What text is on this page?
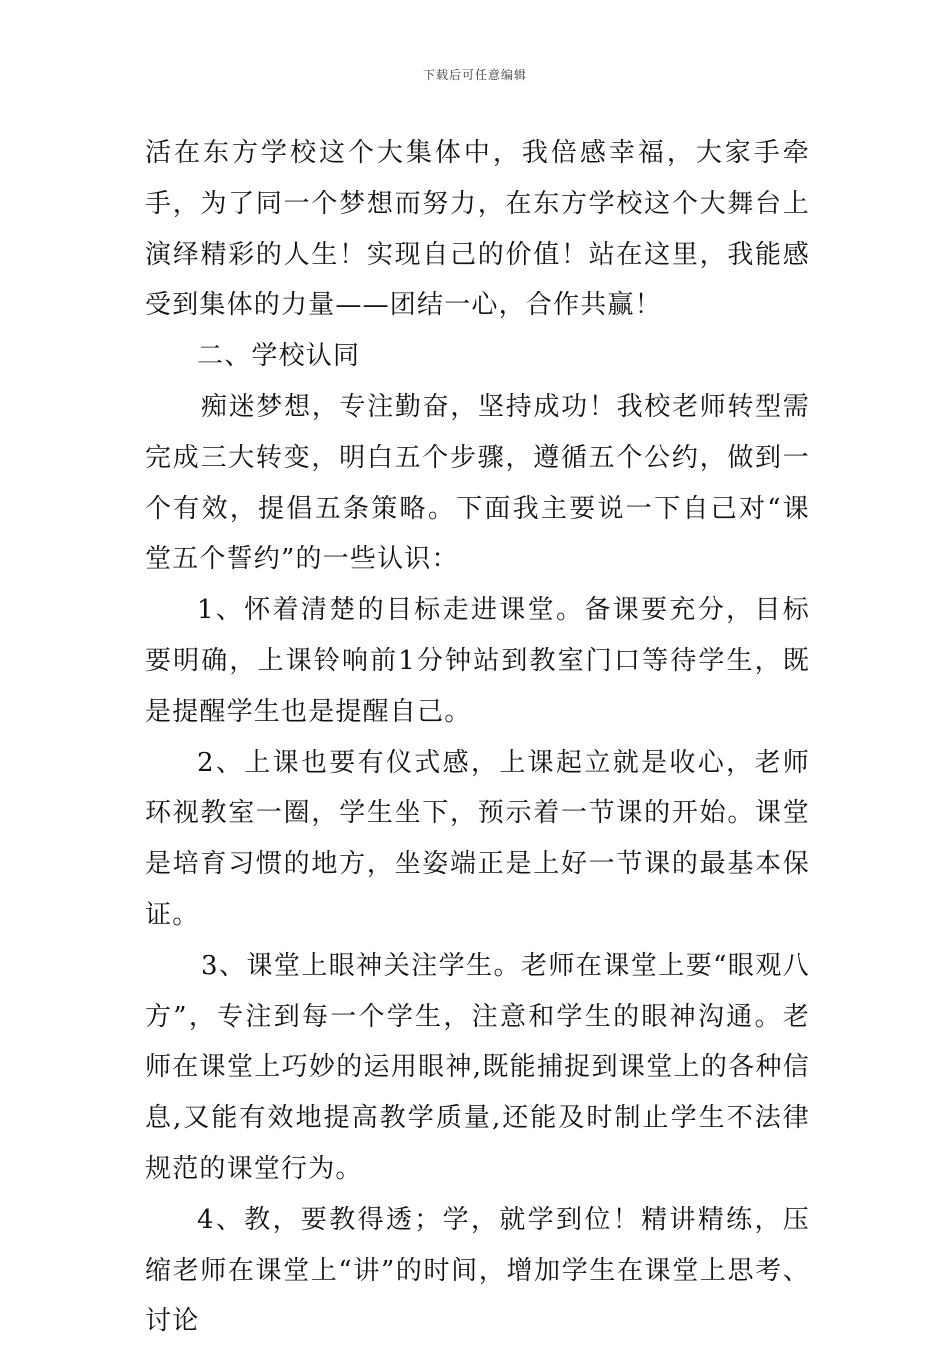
下载后可任意编辑

活在东方学校这个大集体中，我倍感幸福，大家手牵手，为了同一个梦想而努力，在东方学校这个大舞台上演绎精彩的人生！实现自己的价值！站在这里，我能感受到集体的力量——团结一心，合作共赢！

二、学校认同

痴迷梦想，专注勤奋，坚持成功！我校老师转型需完成三大转变，明白五个步骤，遵循五个公约，做到一个有效，提倡五条策略。下面我主要说一下自己对“课堂五个誓约”的一些认识：

1、怀着清楚的目标走进课堂。备课要充分，目标要明确，上课铃响前1分钟站到教室门口等待学生，既是提醒学生也是提醒自己。

2、上课也要有仪式感，上课起立就是收心，老师环视教室一圈，学生坐下，预示着一节课的开始。课堂是培育习惯的地方，坐姿端正是上好一节课的最基本保证。

3、课堂上眼神关注学生。老师在课堂上要“眼观八方”，专注到每一个学生，注意和学生的眼神沟通。老师在课堂上巧妙的运用眼神,既能捕捉到课堂上的各种信息,又能有效地提高教学质量,还能及时制止学生不法律规范的课堂行为。

4、教，要教得透；学，就学到位！精讲精练，压缩老师在课堂上“讲”的时间，增加学生在课堂上思考、讨论
